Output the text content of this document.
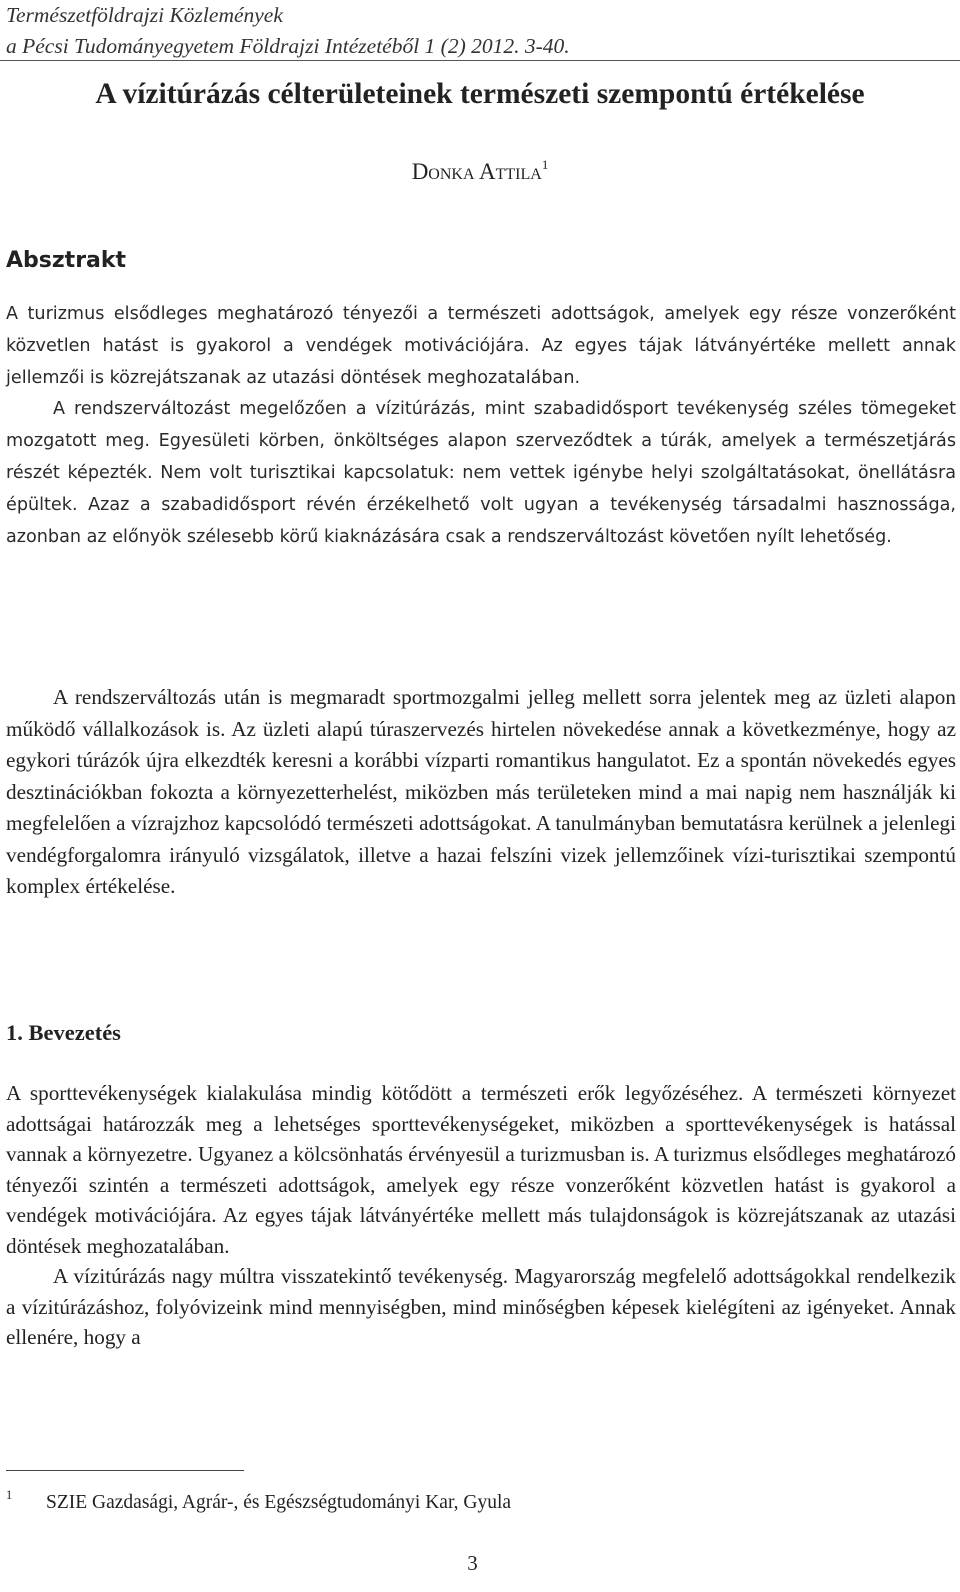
Természetföldrajzi Közlemények
a Pécsi Tudományegyetem Földrajzi Intézetéből 1 (2) 2012. 3-40.
A vízitúrázás célterületeinek természeti szempontú értékelése
Donka Attila$^1$
Absztrakt

A turizmus elsődleges meghatározó tényezői a természeti adottságok, amelyek egy része vonzerőként közvetlen hatást is gyakorol a vendégek motivációjára. Az egyes tájak látványértéke mellett annak jellemzői is közrejátszanak az utazási döntések meghozatalában.

A rendszerváltozást megelőzően a vízitúrázás, mint szabadidősport tevékenység széles tömegeket mozgatott meg. Egyesületi körben, önköltséges alapon szerveződtek a túrák, amelyek a természetjárás részét képezték. Nem volt turisztikai kapcsolatuk: nem vettek igénybe helyi szolgáltatásokat, önellátásra épültek. Azaz a szabadidősport révén érzékelhető volt ugyan a tevékenység társadalmi hasznossága, azonban az előnyök szélesebb körű kiaknázására csak a rendszerváltozást követően nyílt lehetőség.

A rendszerváltozás után is megmaradt sportmozgalmi jelleg mellett sorra jelentek meg az üzleti alapon működő vállalkozások is. Az üzleti alapú túraszervezés hirtelen növekedése annak a következménye, hogy az egykori túrázók újra elkezdték keresni a korábbi vízparti romantikus hangulatot. Ez a spontán növekedés egyes desztinációkban fokozta a környezetterhelést, miközben más területeken mind a mai napig nem használják ki megfelelően a vízrajzhoz kapcsolódó természeti adottságokat. A tanulmányban bemutatásra kerülnek a jelenlegi vendégforgalomra irányuló vizsgálatok, illetve a hazai felszíni vizek jellemzőinek vízi-turisztikai szempontú komplex értékelése.

1. Bevezetés

A sporttevékenységek kialakulása mindig kötődött a természeti erők legyőzéséhez. A természeti környezet adottságai határozzák meg a lehetséges sporttevékenységeket, miközben a sporttevékenységek is hatással vannak a környezetre. Ugyanez a kölcsönhatás érvényesül a turizmusban is. A turizmus elsődleges meghatározó tényezői szintén a természeti adottságok, amelyek egy része vonzerőként közvetlen hatást is gyakorol a vendégek motivációjára. Az egyes tájak látványértéke mellett más tulajdonságok is közrejátszanak az utazási döntések meghozatalában.

A vízitúrázás nagy múltra visszatekintő tevékenység. Magyarország megfelelő adottságokkal rendelkezik a vízitúrázáshoz, folyóvizeink mind mennyiségben, mind minőségben képesek kielégíteni az igényeket. Annak ellenére, hogy a

1 SZIE Gazdasági, Agrár-, és Egészségtudományi Kar, Gyula
3
